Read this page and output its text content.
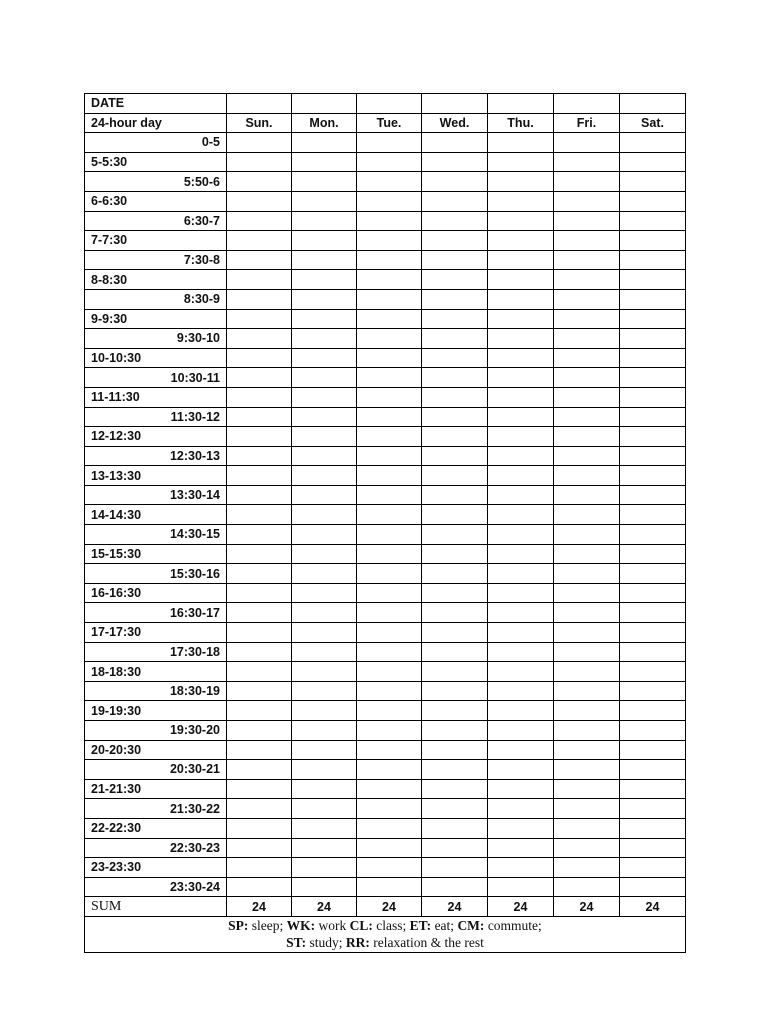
DATE							
24-hour day	Sun.	Mon.	Tue.	Wed.	Thu.	Fri.	Sat.
0-5							
5-5:30							
5:50-6							
6-6:30							
6:30-7							
7-7:30							
7:30-8							
8-8:30							
8:30-9							
9-9:30							
9:30-10							
10-10:30							
10:30-11							
11-11:30							
11:30-12							
12-12:30							
12:30-13							
13-13:30							
13:30-14							
14-14:30							
14:30-15							
15-15:30							
15:30-16							
16-16:30							
16:30-17							
17-17:30							
17:30-18							
18-18:30							
18:30-19							
19-19:30							
19:30-20							
20-20:30							
20:30-21							
21-21:30							
21:30-22							
22-22:30							
22:30-23							
23-23:30							
23:30-24							
SUM	24	24	24	24	24	24	24
SP: sleep; WK: work CL: class; ET: eat; CM: commute;
ST: study; RR: relaxation & the rest							
